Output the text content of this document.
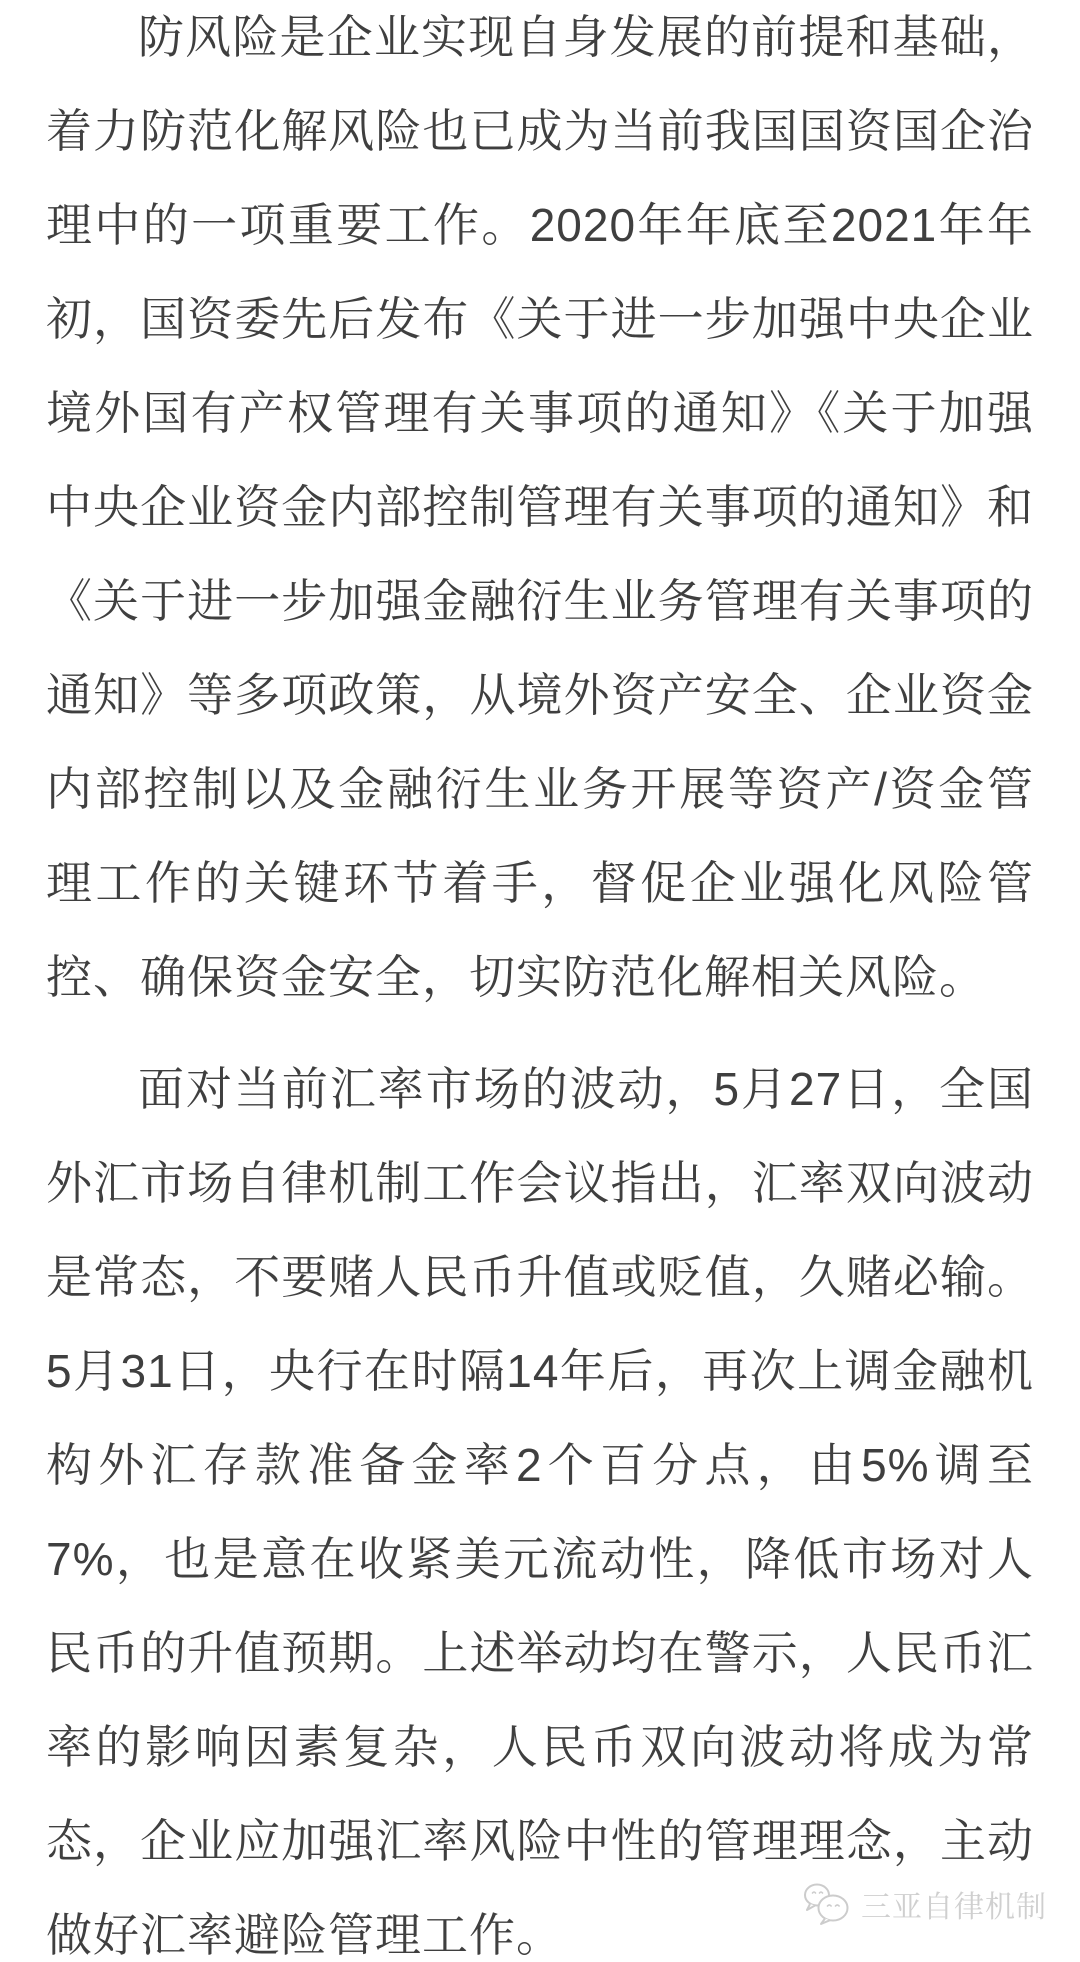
防风险是企业实现自身发展的前提和基础，
着力防范化解风险也已成为当前我国国资国企治
理中的一项重要工作。2020年年底至2021年年
初，国资委先后发布《关于进一步加强中央企业
境外国有产权管理有关事项的通知》《关于加强
中央企业资金内部控制管理有关事项的通知》和
《关于进一步加强金融衍生业务管理有关事项的
通知》等多项政策，从境外资产安全、企业资金
内部控制以及金融衍生业务开展等资产/资金管
理工作的关键环节着手，督促企业强化风险管
控、确保资金安全，切实防范化解相关风险。
面对当前汇率市场的波动，5月27日，全国
外汇市场自律机制工作会议指出，汇率双向波动
是常态，不要赌人民币升值或贬值，久赌必输。
5月31日，央行在时隔14年后，再次上调金融机
构外汇存款准备金率2个百分点，由5%调至
7%，也是意在收紧美元流动性，降低市场对人
民币的升值预期。上述举动均在警示，人民币汇
率的影响因素复杂，人民币双向波动将成为常
态，企业应加强汇率风险中性的管理理念，主动
做好汇率避险管理工作。
三亚自律机制
